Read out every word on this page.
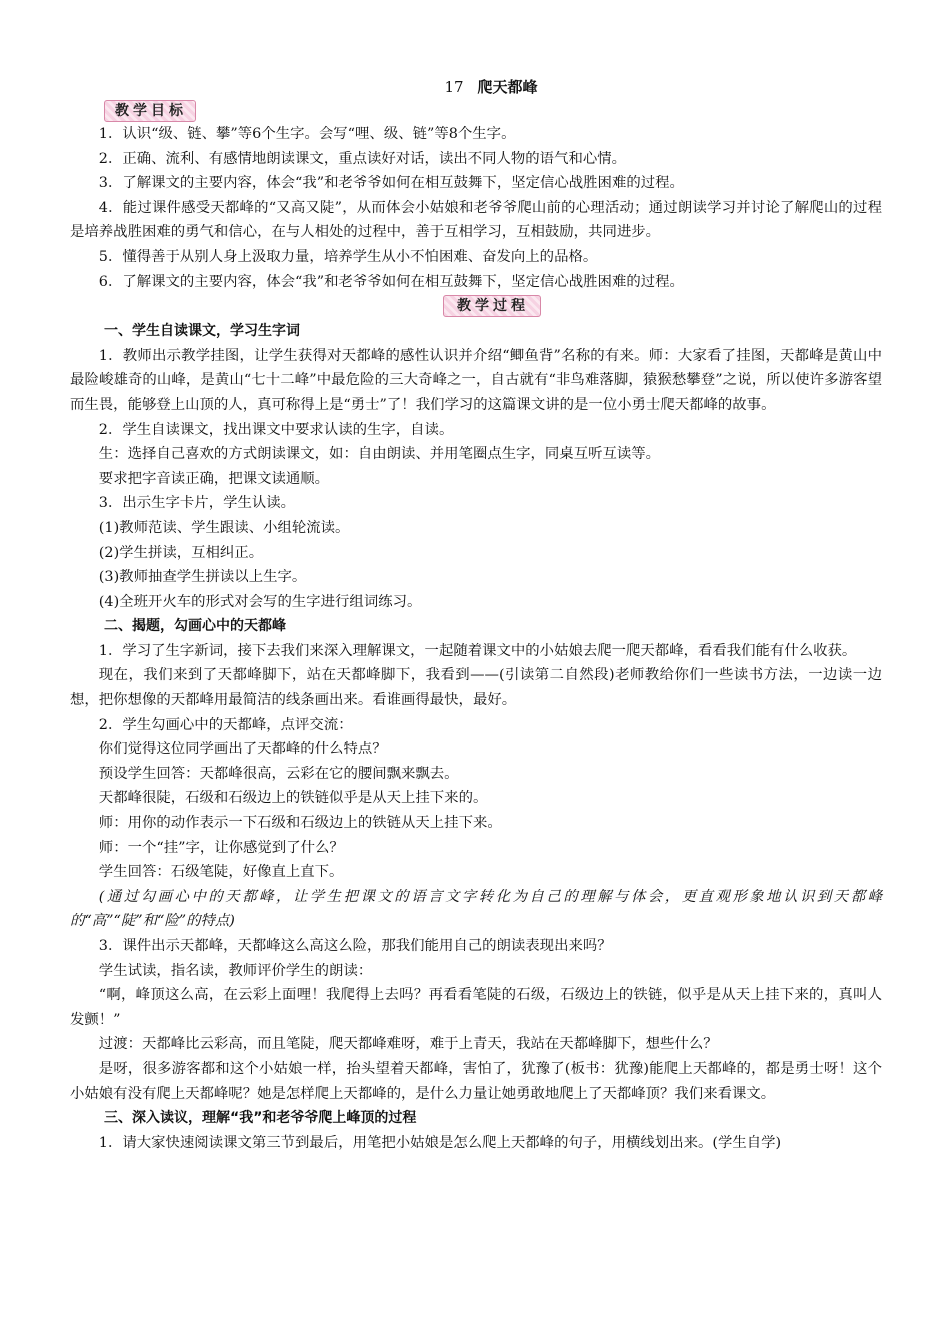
17 爬天都峰
教学目标

1．认识“级、链、攀”等6个生字。会写“哩、级、链”等8个生字。

2．正确、流利、有感情地朗读课文，重点读好对话，读出不同人物的语气和心情。

3．了解课文的主要内容，体会“我”和老爷爷如何在相互鼓舞下，坚定信心战胜困难的过程。

4．能过课件感受天都峰的“又高又陡”，从而体会小姑娘和老爷爷爬山前的心理活动；通过朗读学习并讨论了解爬山的过程是培养战胜困难的勇气和信心，在与人相处的过程中，善于互相学习，互相鼓励，共同进步。

5．懂得善于从别人身上汲取力量，培养学生从小不怕困难、奋发向上的品格。

6．了解课文的主要内容，体会“我”和老爷爷如何在相互鼓舞下，坚定信心战胜困难的过程。

教学过程

一、学生自读课文，学习生字词

1．教师出示教学挂图，让学生获得对天都峰的感性认识并介绍“鲫鱼背”名称的有来。师：大家看了挂图，天都峰是黄山中最险峻雄奇的山峰，是黄山“七十二峰”中最危险的三大奇峰之一，自古就有“非鸟难落脚，猿猴愁攀登”之说，所以使许多游客望而生畏，能够登上山顶的人，真可称得上是“勇士”了！我们学习的这篇课文讲的是一位小勇士爬天都峰的故事。

2．学生自读课文，找出课文中要求认读的生字，自读。

生：选择自己喜欢的方式朗读课文，如：自由朗读、并用笔圈点生字，同桌互听互读等。

要求把字音读正确，把课文读通顺。

3．出示生字卡片，学生认读。

(1)教师范读、学生跟读、小组轮流读。

(2)学生拼读，互相纠正。

(3)教师抽查学生拼读以上生字。

(4)全班开火车的形式对会写的生字进行组词练习。

二、揭题，勾画心中的天都峰

1．学习了生字新词，接下去我们来深入理解课文，一起随着课文中的小姑娘去爬一爬天都峰，看看我们能有什么收获。

现在，我们来到了天都峰脚下，站在天都峰脚下，我看到——(引读第二自然段)老师教给你们一些读书方法，一边读一边想，把你想像的天都峰用最简洁的线条画出来。看谁画得最快，最好。

2．学生勾画心中的天都峰，点评交流：

你们觉得这位同学画出了天都峰的什么特点？

预设学生回答：天都峰很高，云彩在它的腰间飘来飘去。

天都峰很陡，石级和石级边上的铁链似乎是从天上挂下来的。

师：用你的动作表示一下石级和石级边上的铁链从天上挂下来。

师：一个“挂”字，让你感觉到了什么？

学生回答：石级笔陡，好像直上直下。

(通过勾画心中的天都峰，让学生把课文的语言文字转化为自己的理解与体会，更直观形象地认识到天都峰的“高”“陡”和“险”的特点)

3．课件出示天都峰，天都峰这么高这么险，那我们能用自己的朗读表现出来吗？

学生试读，指名读，教师评价学生的朗读：

“啊，峰顶这么高，在云彩上面哩！我爬得上去吗？再看看笔陡的石级，石级边上的铁链，似乎是从天上挂下来的，真叫人发颤！”

过渡：天都峰比云彩高，而且笔陡，爬天都峰难呀，难于上青天，我站在天都峰脚下，想些什么？

是呀，很多游客都和这个小姑娘一样，抬头望着天都峰，害怕了，犹豫了(板书：犹豫)能爬上天都峰的，都是勇士呀！这个小姑娘有没有爬上天都峰呢？她是怎样爬上天都峰的，是什么力量让她勇敢地爬上了天都峰顶？我们来看课文。

三、深入读议，理解“我”和老爷爷爬上峰顶的过程

1．请大家快速阅读课文第三节到最后，用笔把小姑娘是怎么爬上天都峰的句子，用横线划出来。(学生自学)
